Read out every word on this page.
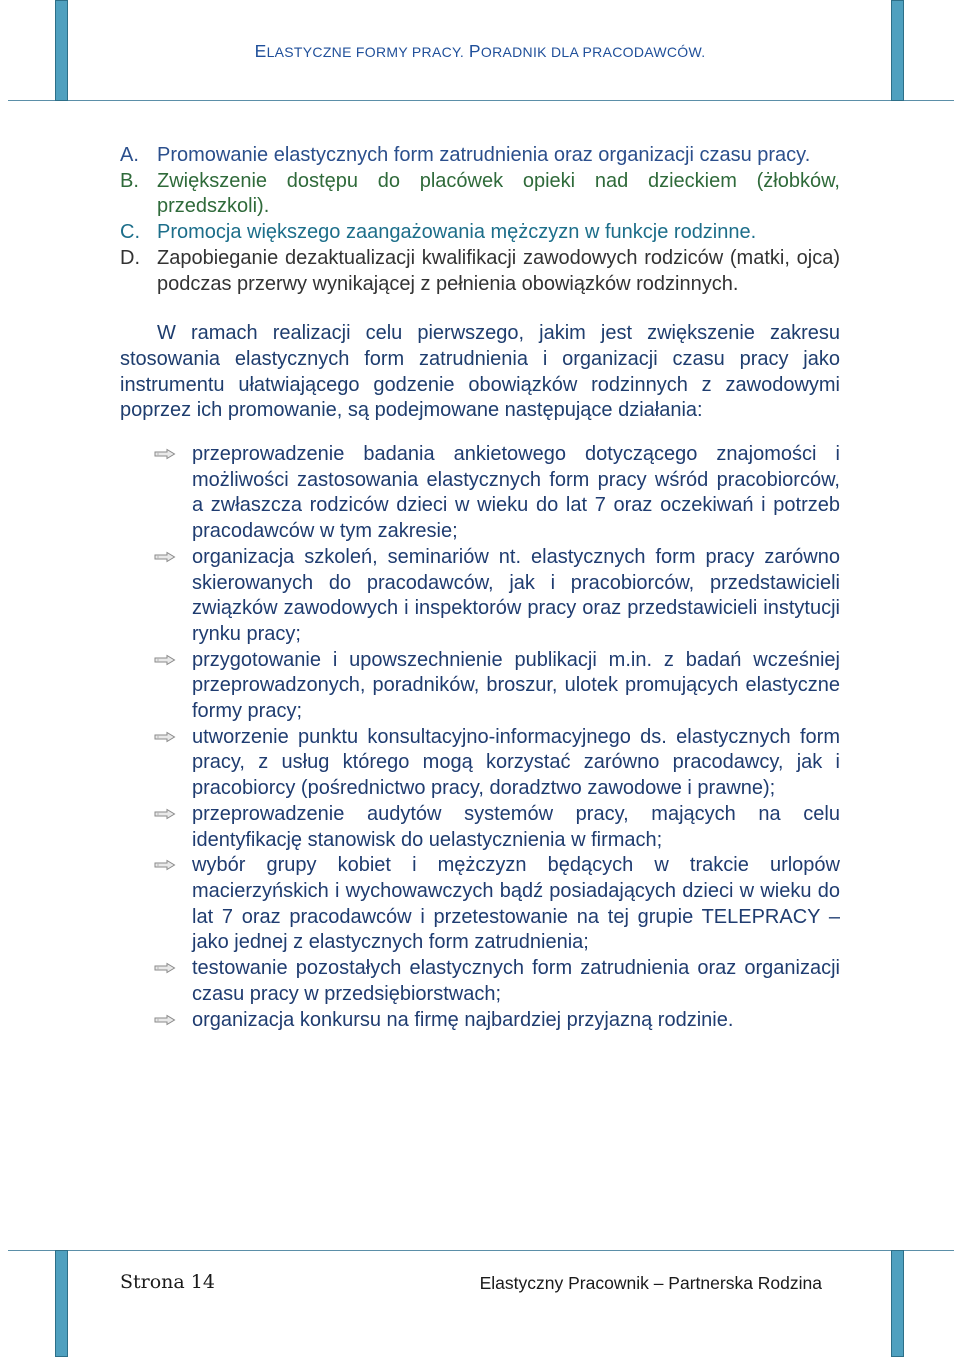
ELASTYCZNE FORMY PRACY. PORADNIK DLA PRACODAWCÓW.
A. Promowanie elastycznych form zatrudnienia oraz organizacji czasu pracy.
B. Zwiększenie dostępu do placówek opieki nad dzieckiem (żłobków, przedszkoli).
C. Promocja większego zaangażowania mężczyzn w funkcje rodzinne.
D. Zapobieganie dezaktualizacji kwalifikacji zawodowych rodziców (matki, ojca) podczas przerwy wynikającej z pełnienia obowiązków rodzinnych.

W ramach realizacji celu pierwszego, jakim jest zwiększenie zakresu stosowania elastycznych form zatrudnienia i organizacji czasu pracy jako instrumentu ułatwiającego godzenie obowiązków rodzinnych z zawodowymi poprzez ich promowanie, są podejmowane następujące działania:

przeprowadzenie badania ankietowego dotyczącego znajomości i możliwości zastosowania elastycznych form pracy wśród pracobiorców, a zwłaszcza rodziców dzieci w wieku do lat 7 oraz oczekiwań i potrzeb pracodawców w tym zakresie;
organizacja szkoleń, seminariów nt. elastycznych form pracy zarówno skierowanych do pracodawców, jak i pracobiorców, przedstawicieli związków zawodowych i inspektorów pracy oraz przedstawicieli instytucji rynku pracy;
przygotowanie i upowszechnienie publikacji m.in. z badań wcześniej przeprowadzonych, poradników, broszur, ulotek promujących elastyczne formy pracy;
utworzenie punktu konsultacyjno-informacyjnego ds. elastycznych form pracy, z usług którego mogą korzystać zarówno pracodawcy, jak i pracobiorcy (pośrednictwo pracy, doradztwo zawodowe i prawne);
przeprowadzenie audytów systemów pracy, mających na celu identyfikację stanowisk do uelastycznienia w firmach;
wybór grupy kobiet i mężczyzn będących w trakcie urlopów macierzyńskich i wychowawczych bądź posiadających dzieci w wieku do lat 7 oraz pracodawców i przetestowanie na tej grupie TELEPRACY – jako jednej z elastycznych form zatrudnienia;
testowanie pozostałych elastycznych form zatrudnienia oraz organizacji czasu pracy w przedsiębiorstwach;
organizacja konkursu na firmę najbardziej przyjazną rodzinie.
Strona 14	Elastyczny Pracownik – Partnerska Rodzina
